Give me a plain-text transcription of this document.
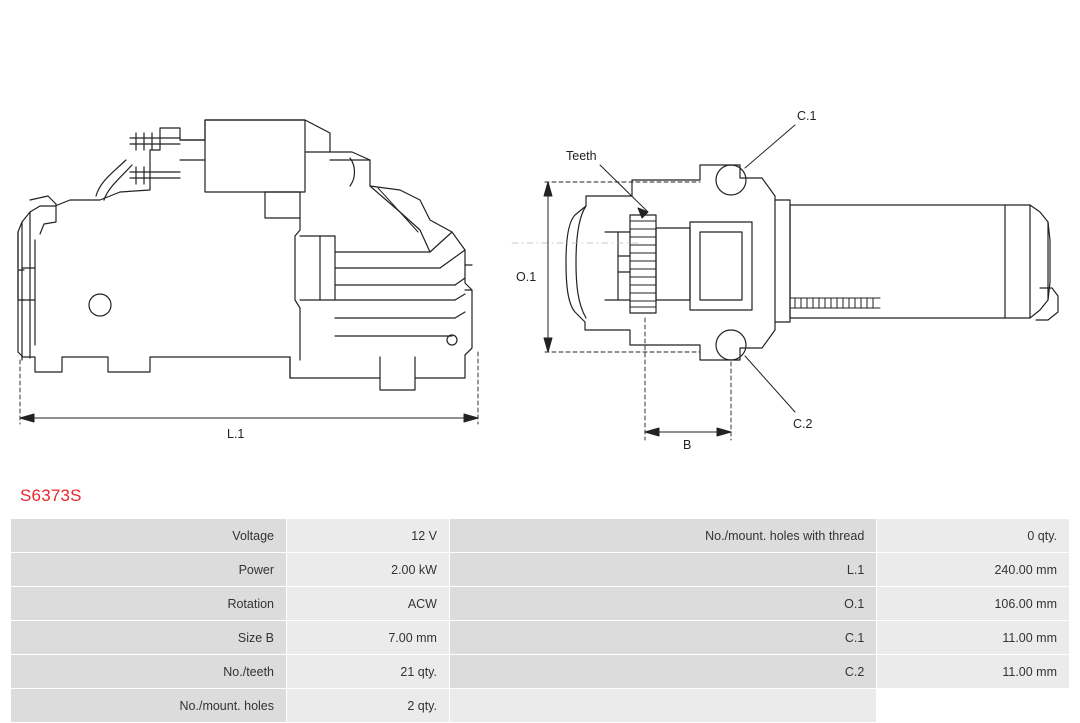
L.1
O.1
B
C.1
C.2
Teeth
S6373S
Voltage	12 V	No./mount. holes with thread	0 qty.
Power	2.00 kW	L.1	240.00 mm
Rotation	ACW	O.1	106.00 mm
Size B	7.00 mm	C.1	11.00 mm
No./teeth	21 qty.	C.2	11.00 mm
No./mount. holes	2 qty.		
